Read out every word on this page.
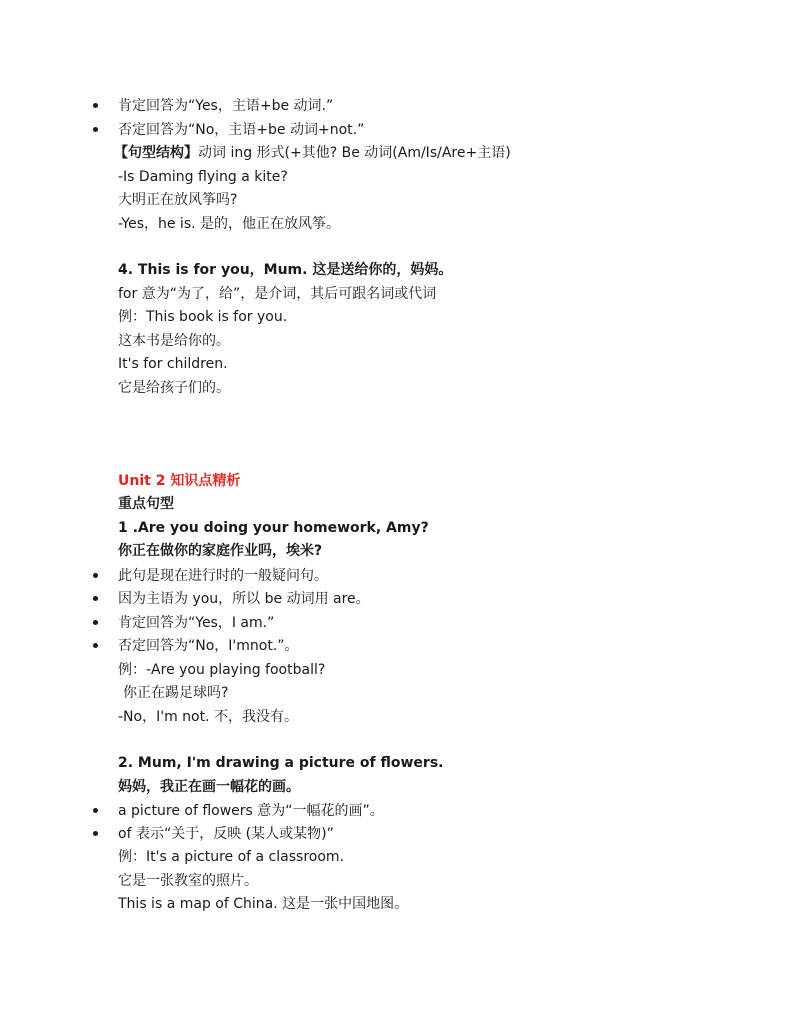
肯定回答为“Yes，主语+be 动词.”
否定回答为“No，主语+be 动词+not.”
【句型结构】动词 ing 形式(+其他? Be 动词(Am/Is/Are+主语)
-Is Daming flying a kite?
大明正在放风筝吗?
-Yes，he is. 是的，他正在放风筝。
4. This is for you，Mum. 这是送给你的，妈妈。
for 意为“为了，给”，是介词，其后可跟名词或代词
例：This book is for you.
这本书是给你的。
It's for children.
它是给孩子们的。
Unit 2 知识点精析
重点句型
1 .Are you doing your homework, Amy?
你正在做你的家庭作业吗，埃米?
此句是现在进行时的一般疑问句。
因为主语为 you，所以 be 动词用 are。
肯定回答为“Yes，I am.”
否定回答为“No，I'mnot.”。
例：-Are you playing football?
你正在踢足球吗?
-No，I'm not. 不，我没有。
2. Mum, I'm drawing a picture of flowers.
妈妈，我正在画一幅花的画。
a picture of flowers 意为“一幅花的画”。
of 表示“关于，反映 (某人或某物)”
例：It's a picture of a classroom.
它是一张教室的照片。
This is a map of China. 这是一张中国地图。
